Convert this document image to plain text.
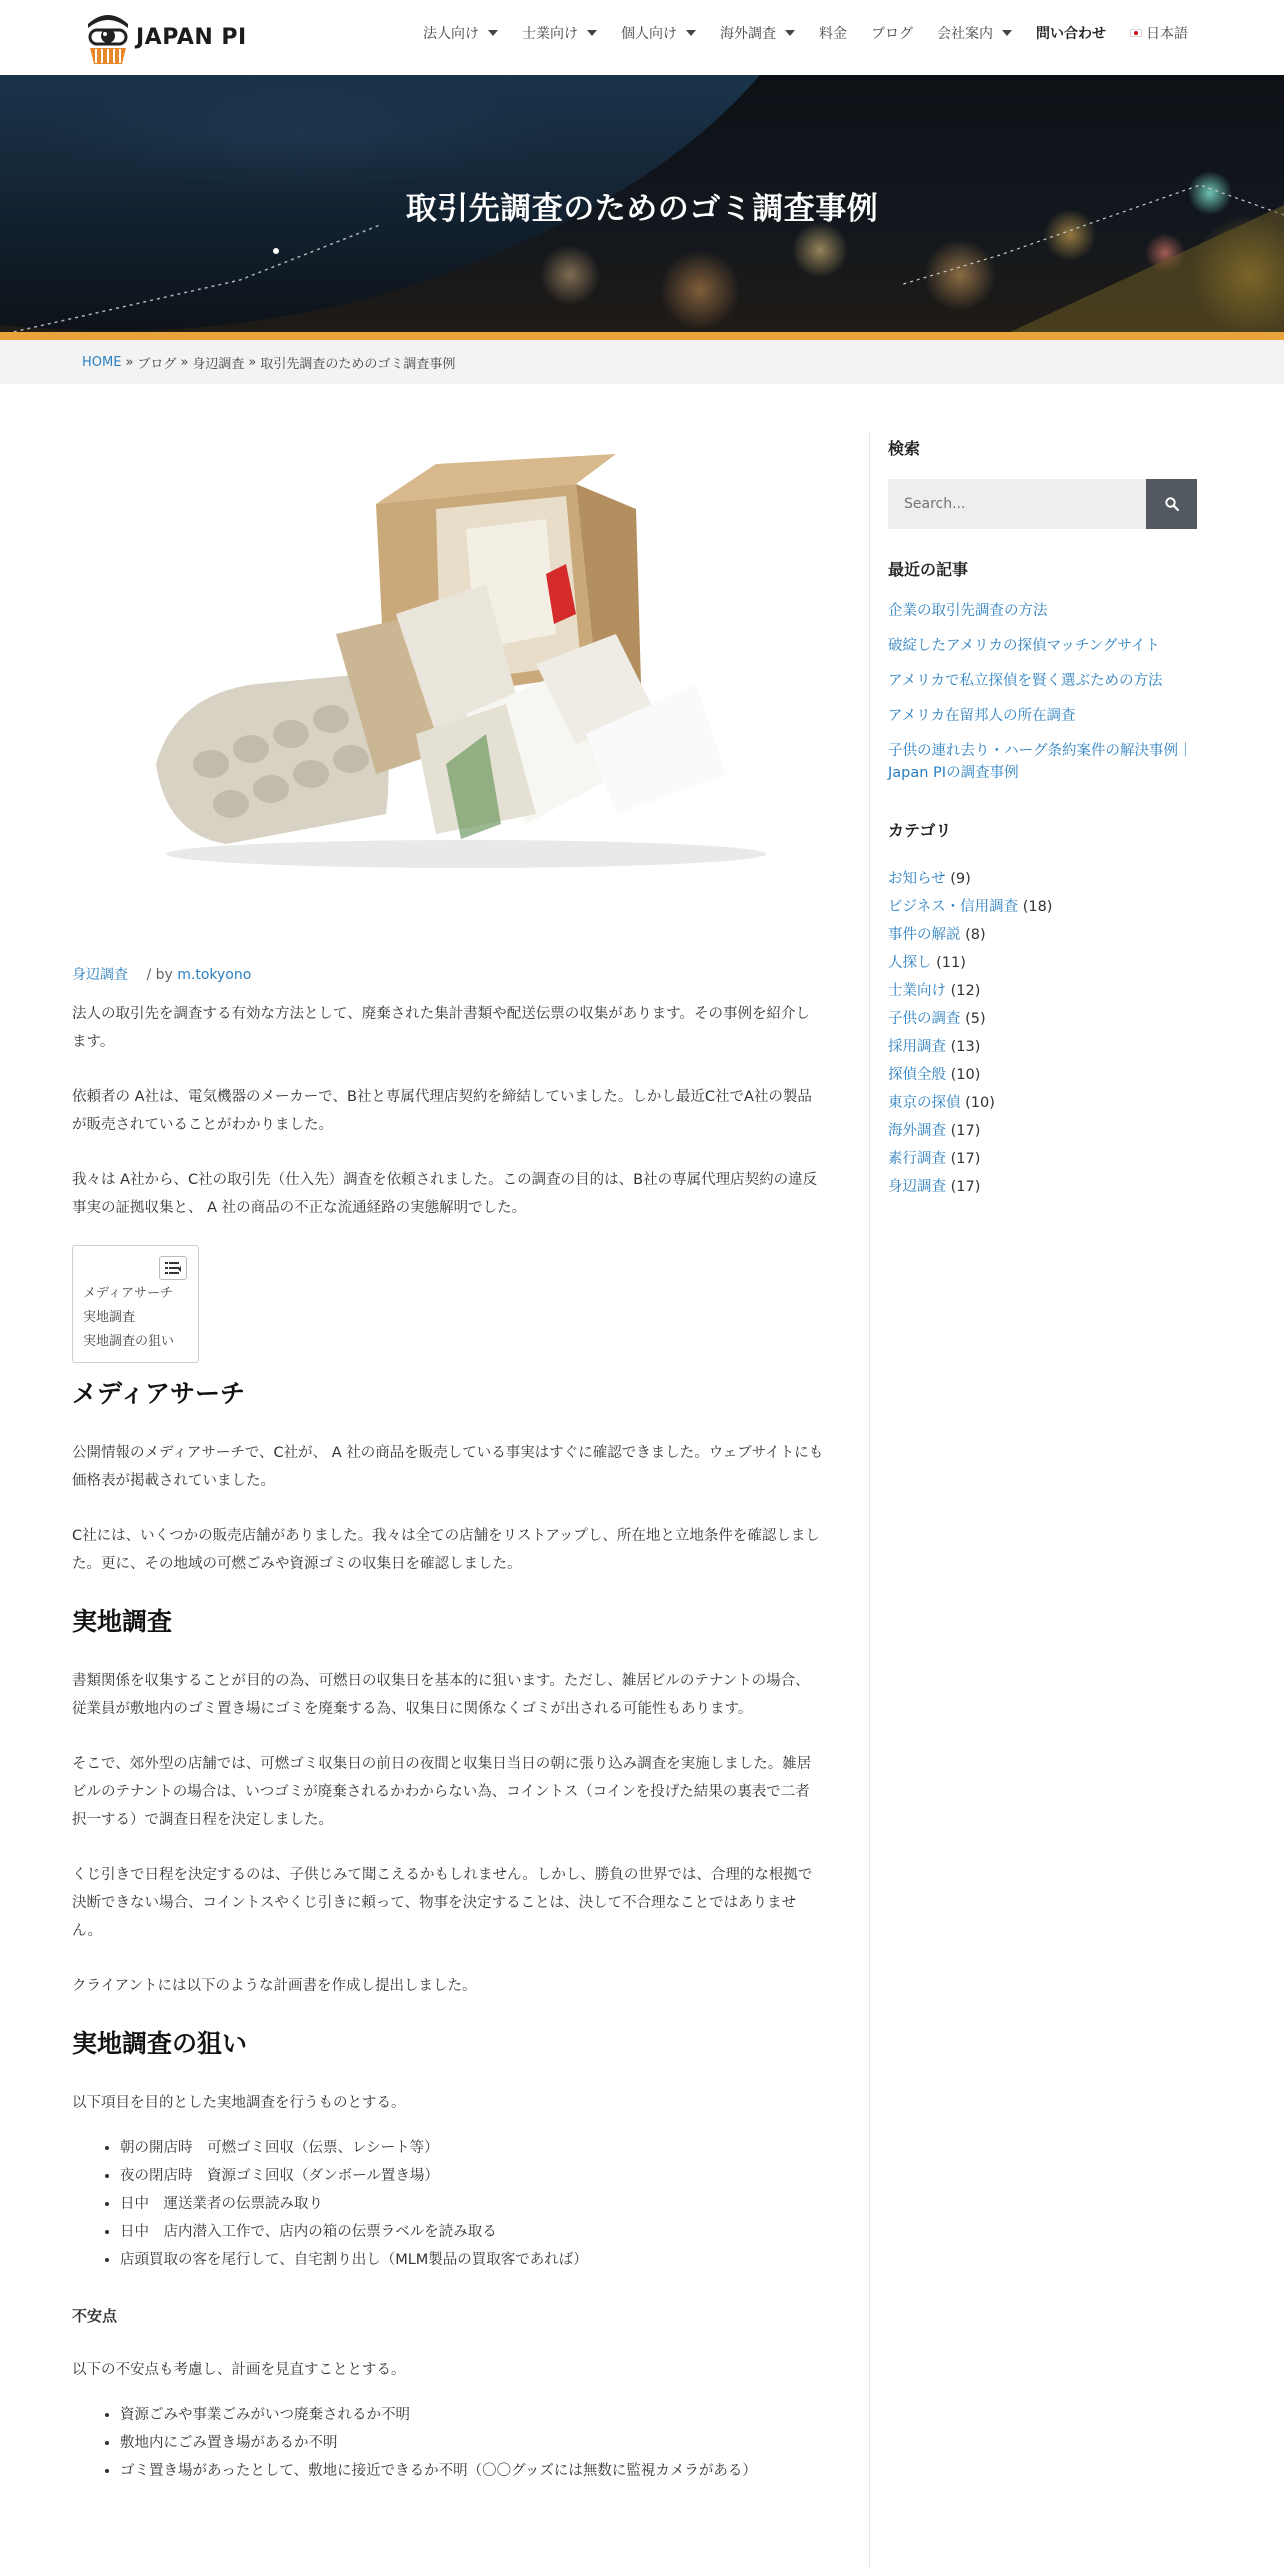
JAPAN PI	法人向け	士業向け	個人向け	海外調査	料金 ブログ 会社案内	問い合わせ	日本語
取引先調査のためのゴミ調査事例
HOME » ブログ » 身辺調査 » 取引先調査のためのゴミ調査事例
身辺調査 / by m.tokyono

法人の取引先を調査する有効な方法として、廃棄された集計書類や配送伝票の収集があります。その事例を紹介します。

依頼者の A社は、電気機器のメーカーで、B社と専属代理店契約を締結していました。しかし最近C社でA社の製品が販売されていることがわかりました。

我々は A社から、C社の取引先（仕入先）調査を依頼されました。この調査の目的は、B社の専属代理店契約の違反事実の証拠収集と、 A 社の商品の不正な流通経路の実態解明でした。

メディアサーチ
実地調査
実地調査の狙い
メディアサーチ

公開情報のメディアサーチで、C社が、 A 社の商品を販売している事実はすぐに確認できました。ウェブサイトにも価格表が掲載されていました。

C社には、いくつかの販売店舗がありました。我々は全ての店舗をリストアップし、所在地と立地条件を確認しました。更に、その地域の可燃ごみや資源ゴミの収集日を確認しました。

実地調査

書類関係を収集することが目的の為、可燃日の収集日を基本的に狙います。ただし、雑居ビルのテナントの場合、従業員が敷地内のゴミ置き場にゴミを廃棄する為、収集日に関係なくゴミが出される可能性もあります。

そこで、郊外型の店舗では、可燃ゴミ収集日の前日の夜間と収集日当日の朝に張り込み調査を実施しました。雑居ビルのテナントの場合は、いつゴミが廃棄されるかわからない為、コイントス（コインを投げた結果の裏表で二者択一する）で調査日程を決定しました。

くじ引きで日程を決定するのは、子供じみて聞こえるかもしれません。しかし、勝負の世界では、合理的な根拠で決断できない場合、コイントスやくじ引きに頼って、物事を決定することは、決して不合理なことではありません。

クライアントには以下のような計画書を作成し提出しました。

実地調査の狙い

以下項目を目的とした実地調査を行うものとする。

• 朝の開店時　可燃ゴミ回収（伝票、レシート等）
• 夜の閉店時　資源ゴミ回収（ダンボール置き場）
• 日中　運送業者の伝票読み取り
• 日中　店内潜入工作で、店内の箱の伝票ラベルを読み取る
• 店頭買取の客を尾行して、自宅割り出し（MLM製品の買取客であれば）

不安点

以下の不安点も考慮し、計画を見直すこととする。

• 資源ごみや事業ごみがいつ廃棄されるか不明
• 敷地内にごみ置き場があるか不明
• ゴミ置き場があったとして、敷地に接近できるか不明（〇〇グッズには無数に監視カメラがある）
検索
Search...
最近の記事
企業の取引先調査の方法
破綻したアメリカの探偵マッチングサイト
アメリカで私立探偵を賢く選ぶための方法
アメリカ在留邦人の所在調査
子供の連れ去り・ハーグ条約案件の解決事例｜Japan PIの調査事例
カテゴリ
お知らせ (9)
ビジネス・信用調査 (18)
事件の解説 (8)
人探し (11)
士業向け (12)
子供の調査 (5)
採用調査 (13)
探偵全般 (10)
東京の探偵 (10)
海外調査 (17)
素行調査 (17)
身辺調査 (17)
